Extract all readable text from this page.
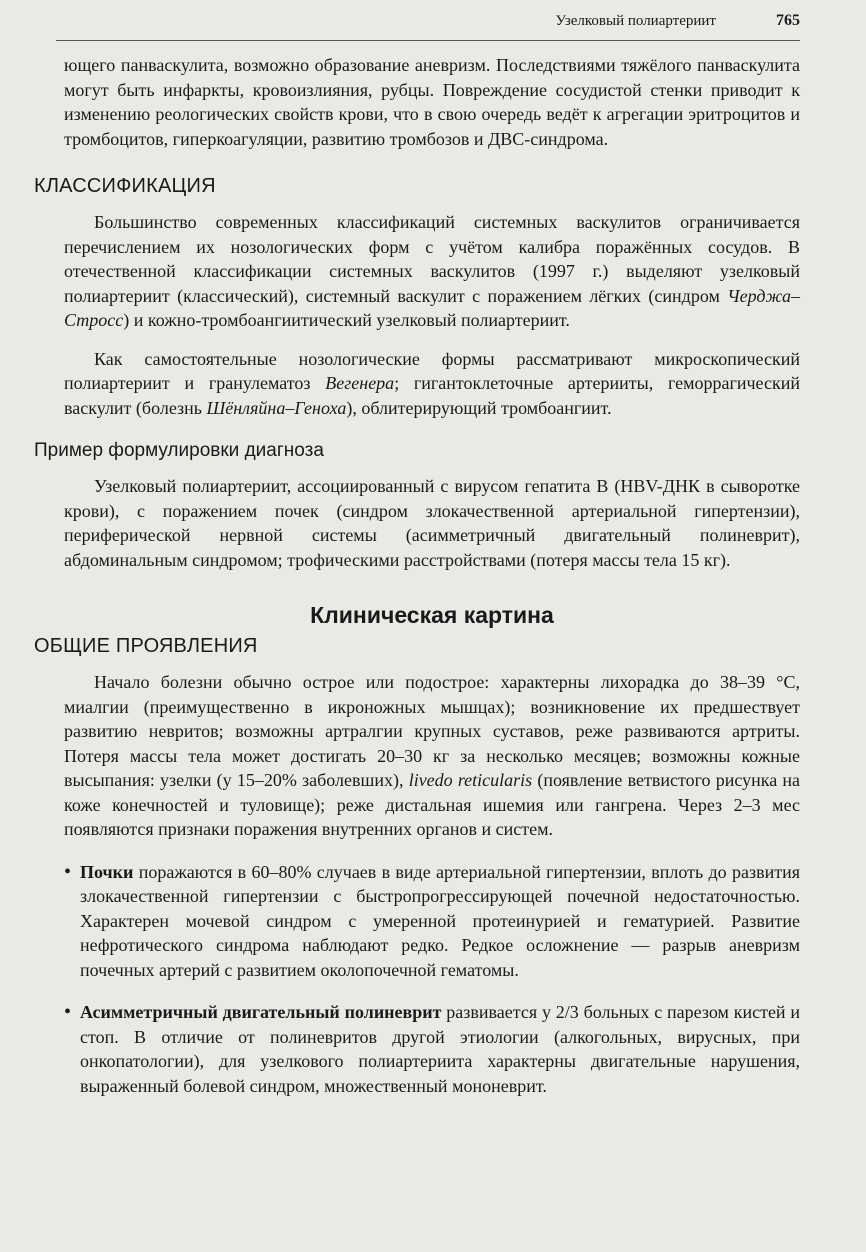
Узелковый полиартериит	765

ющего панваскулита, возможно образование аневризм. Последствиями тяжёлого панваскулита могут быть инфаркты, кровоизлияния, рубцы. Повреждение сосудистой стенки приводит к изменению реологических свойств крови, что в свою очередь ведёт к агрегации эритроцитов и тромбоцитов, гиперкоагуляции, развитию тромбозов и ДВС-синдрома.

КЛАССИФИКАЦИЯ

Большинство современных классификаций системных васкулитов ограничивается перечислением их нозологических форм с учётом калибра поражённых сосудов. В отечественной классификации системных васкулитов (1997 г.) выделяют узелковый полиартериит (классический), системный васкулит с поражением лёгких (синдром Черджа–Стросс) и кожно-тромбоангиитический узелковый полиартериит.

Как самостоятельные нозологические формы рассматривают микроскопический полиартериит и гранулематоз Вегенера; гигантоклеточные артерииты, геморрагический васкулит (болезнь Шёнляйна–Геноха), облитерирующий тромбоангиит.

Пример формулировки диагноза

Узелковый полиартериит, ассоциированный с вирусом гепатита В (HBV-ДНК в сыворотке крови), с поражением почек (синдром злокачественной артериальной гипертензии), периферической нервной системы (асимметричный двигательный полиневрит), абдоминальным синдромом; трофическими расстройствами (потеря массы тела 15 кг).

Клиническая картина
ОБЩИЕ ПРОЯВЛЕНИЯ

Начало болезни обычно острое или подострое: характерны лихорадка до 38–39 °С, миалгии (преимущественно в икроножных мышцах); возникновение их предшествует развитию невритов; возможны артралгии крупных суставов, реже развиваются артриты. Потеря массы тела может достигать 20–30 кг за несколько месяцев; возможны кожные высыпания: узелки (у 15–20% заболевших), livedo reticularis (появление ветвистого рисунка на коже конечностей и туловище); реже дистальная ишемия или гангрена. Через 2–3 мес появляются признаки поражения внутренних органов и систем.

• Почки поражаются в 60–80% случаев в виде артериальной гипертензии, вплоть до развития злокачественной гипертензии с быстропрогрессирующей почечной недостаточностью. Характерен мочевой синдром с умеренной протеинурией и гематурией. Развитие нефротического синдрома наблюдают редко. Редкое осложнение — разрыв аневризм почечных артерий с развитием околопочечной гематомы.
• Асимметричный двигательный полиневрит развивается у 2/3 больных с парезом кистей и стоп. В отличие от полиневритов другой этиологии (алкогольных, вирусных, при онкопатологии), для узелкового полиартериита характерны двигательные нарушения, выраженный болевой синдром, множественный мононеврит.
